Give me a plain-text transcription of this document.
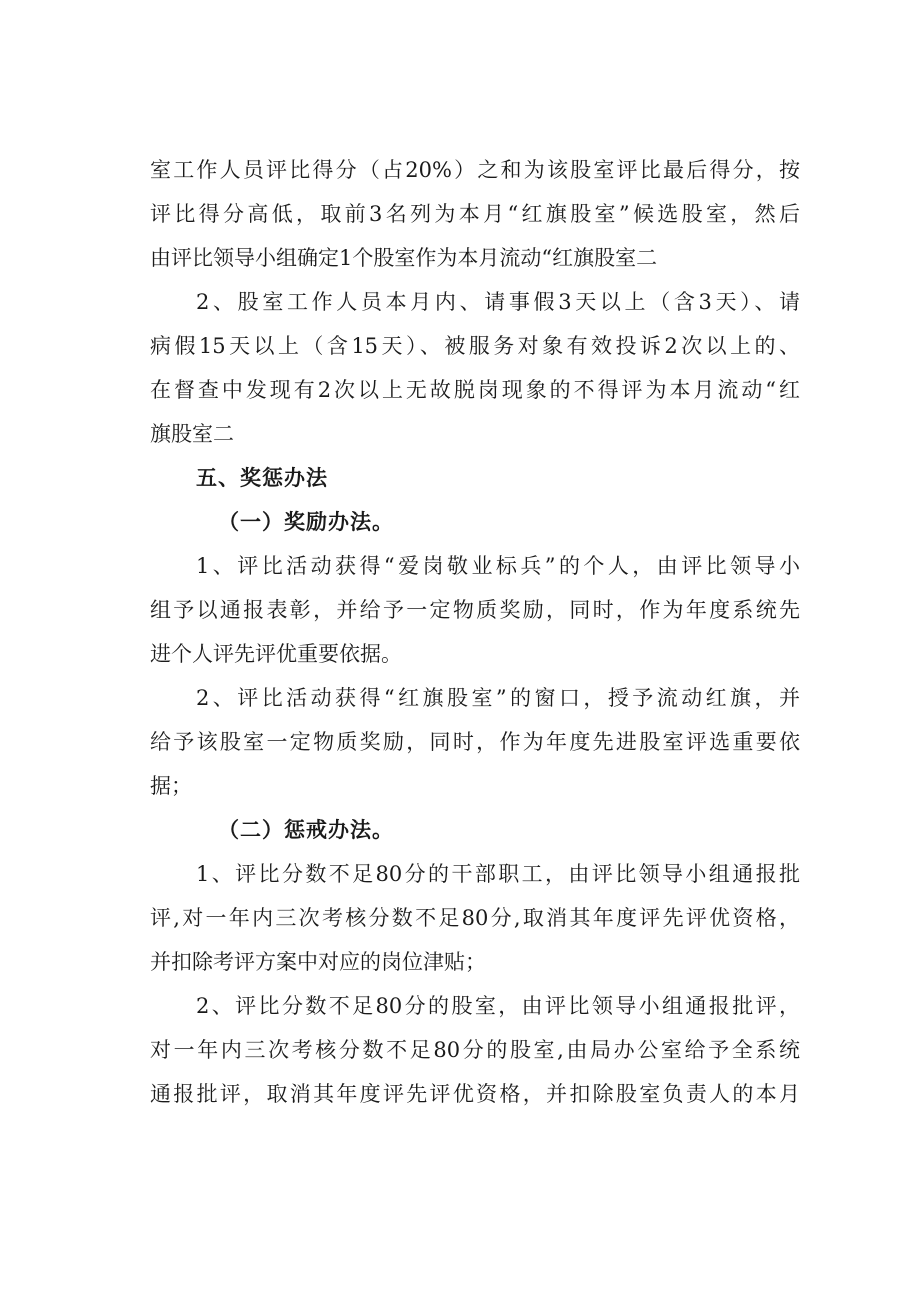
室工作人员评比得分（占20%）之和为该股室评比最后得分，按
评比得分高低，取前3名列为本月“红旗股室”候选股室，然后
由评比领导小组确定1个股室作为本月流动“红旗股室二
2、股室工作人员本月内、请事假3天以上（含3天）、请
病假15天以上（含15天）、被服务对象有效投诉2次以上的、
在督查中发现有2次以上无故脱岗现象的不得评为本月流动“红
旗股室二
五、奖惩办法
（一）奖励办法。
1、评比活动获得“爱岗敬业标兵”的个人，由评比领导小
组予以通报表彰，并给予一定物质奖励，同时，作为年度系统先
进个人评先评优重要依据。
2、评比活动获得“红旗股室”的窗口，授予流动红旗，并
给予该股室一定物质奖励，同时，作为年度先进股室评选重要依
据；
（二）惩戒办法。
1、评比分数不足80分的干部职工，由评比领导小组通报批
评,对一年内三次考核分数不足80分,取消其年度评先评优资格，
并扣除考评方案中对应的岗位津贴；
2、评比分数不足80分的股室，由评比领导小组通报批评，
对一年内三次考核分数不足80分的股室,由局办公室给予全系统
通报批评，取消其年度评先评优资格，并扣除股室负责人的本月
